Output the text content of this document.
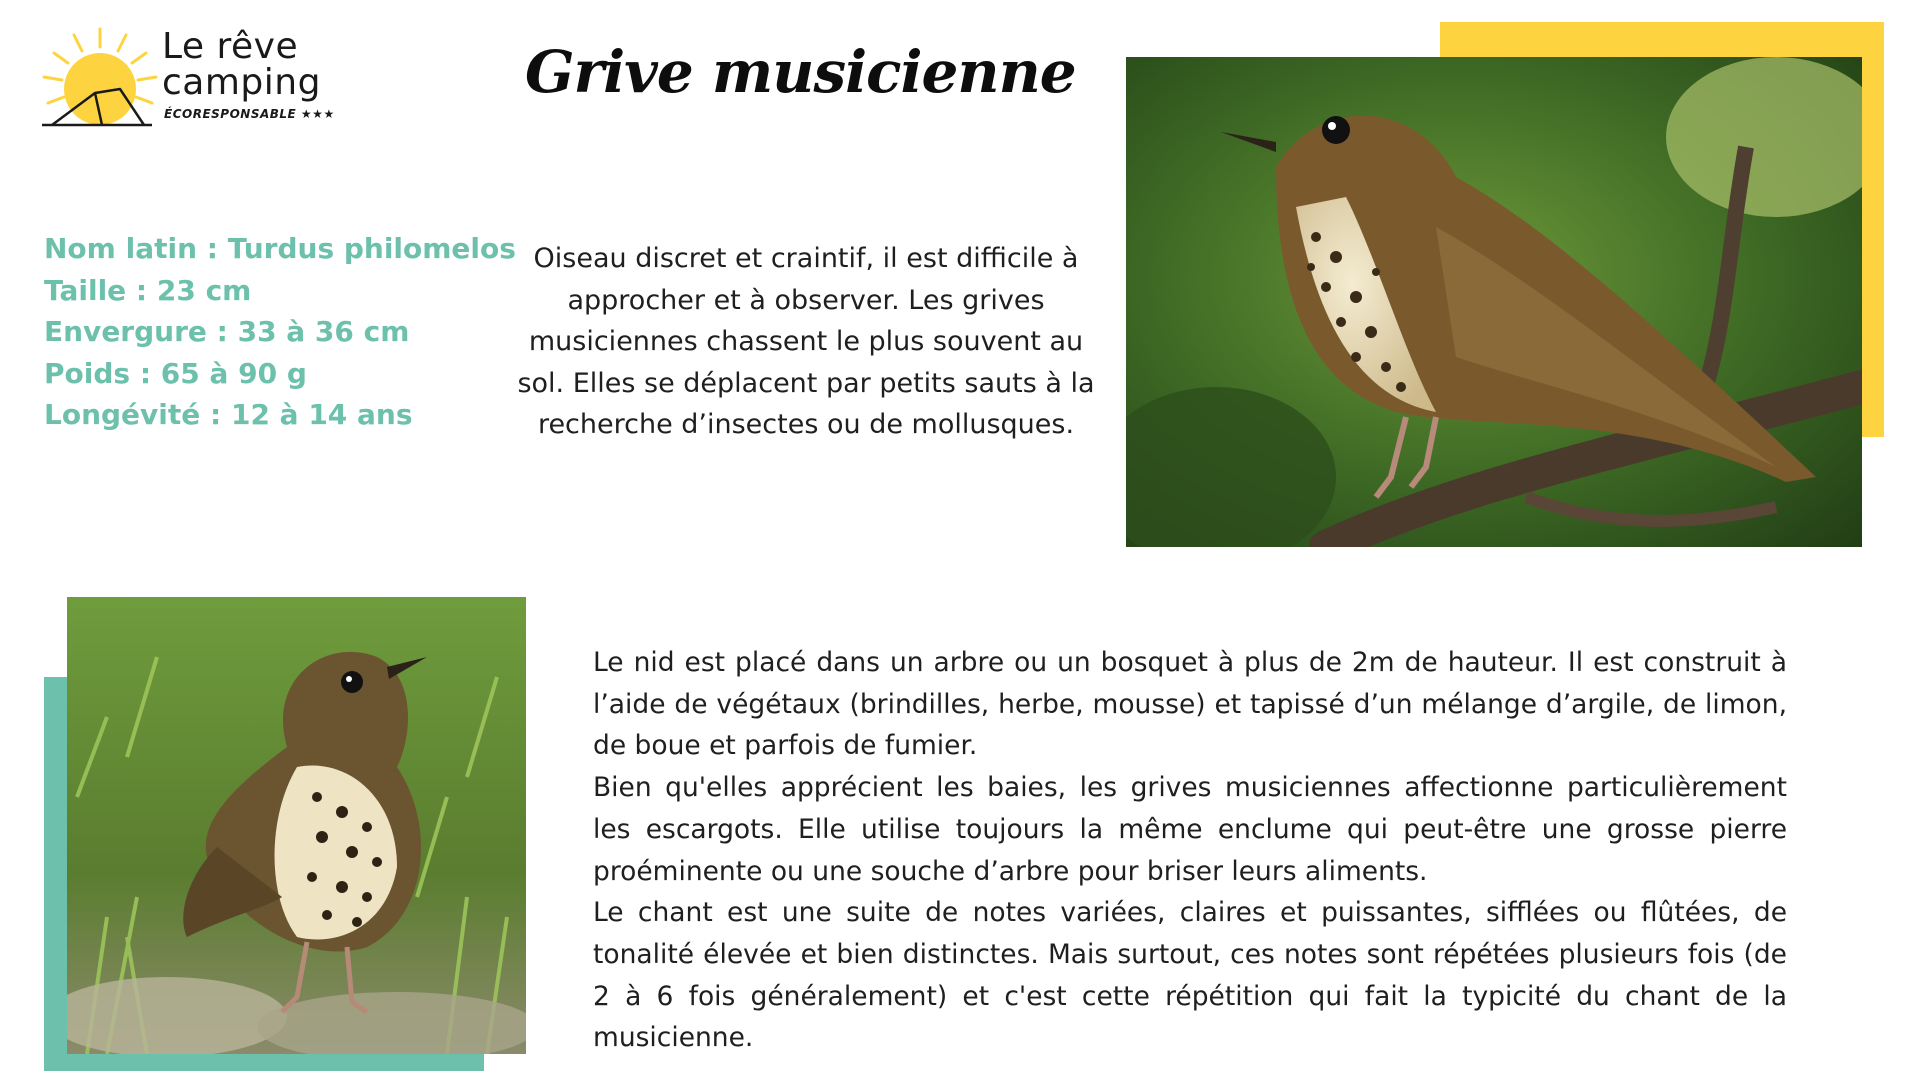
Le rêve
camping
ÉCORESPONSABLE ★★★
Grive musicienne
Nom latin : Turdus philomelos
Taille : 23 cm
Envergure : 33 à 36 cm
Poids : 65 à 90 g
Longévité : 12 à 14 ans
Oiseau discret et craintif, il est difficile à approcher et à observer. Les grives musiciennes chassent le plus souvent au sol. Elles se déplacent par petits sauts à la recherche d’insectes ou de mollusques.

Le nid est placé dans un arbre ou un bosquet à plus de 2m de hauteur. Il est construit à l’aide de végétaux (brindilles, herbe, mousse) et tapissé d’un mélange d’argile, de limon, de boue et parfois de fumier.

Bien qu'elles apprécient les baies, les grives musiciennes affectionne particulièrement les escargots. Elle utilise toujours la même enclume qui peut-être une grosse pierre proéminente ou une souche d’arbre pour briser leurs aliments.

Le chant est une suite de notes variées, claires et puissantes, sifflées ou flûtées, de tonalité élevée et bien distinctes. Mais surtout, ces notes sont répétées plusieurs fois (de 2 à 6 fois généralement) et c'est cette répétition qui fait la typicité du chant de la musicienne.
